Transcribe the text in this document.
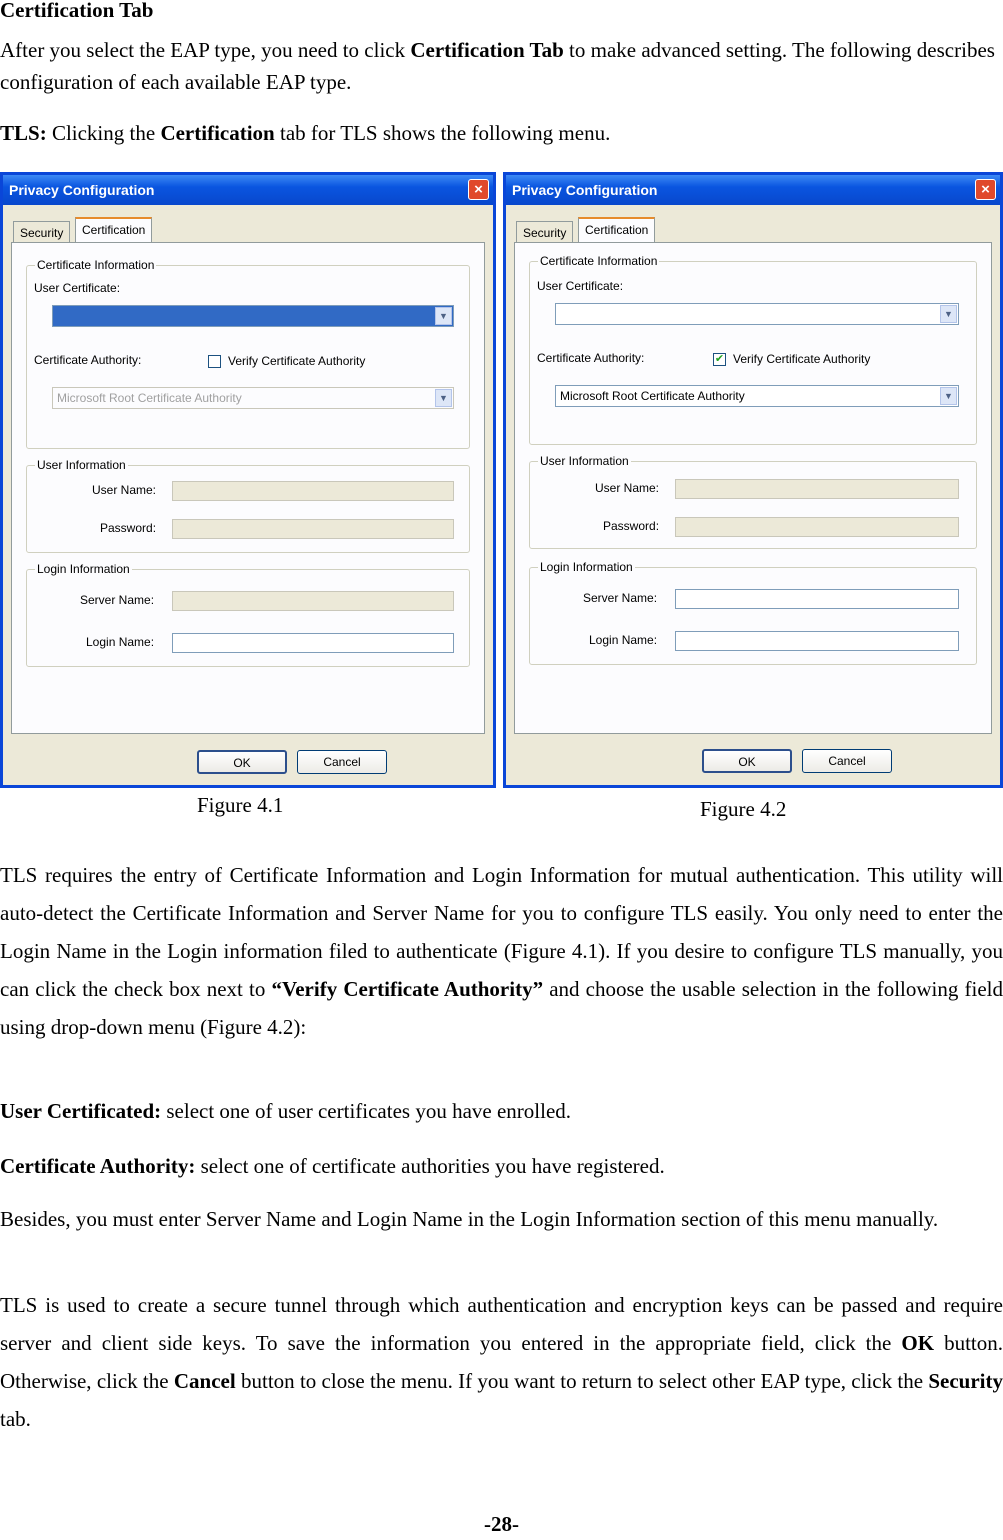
Certification Tab
After you select the EAP type, you need to click Certification Tab to make advanced setting. The following describes configuration of each available EAP type.
TLS: Clicking the Certification tab for TLS shows the following menu.
Privacy Configuration	×
Security	Certification
Certificate Information
User Certificate:
▼
Certificate Authority:	Verify Certificate Authority
Microsoft Root Certificate Authority	▼
User Information
User Name:
Password:
Login Information
Server Name:
Login Name:
OK	Cancel
Privacy Configuration	×
Security	Certification
Certificate Information
User Certificate:
▼
Certificate Authority:	✔ Verify Certificate Authority
Microsoft Root Certificate Authority	▼
User Information
User Name:
Password:
Login Information
Server Name:
Login Name:
OK	Cancel
Figure 4.1	Figure 4.2
TLS requires the entry of Certificate Information and Login Information for mutual authentication. This utility will auto-detect the Certificate Information and Server Name for you to configure TLS easily. You only need to enter the Login Name in the Login information filed to authenticate (Figure 4.1). If you desire to configure TLS manually, you can click the check box next to “Verify Certificate Authority” and choose the usable selection in the following field using drop-down menu (Figure 4.2):
User Certificated: select one of user certificates you have enrolled.
Certificate Authority: select one of certificate authorities you have registered.
Besides, you must enter Server Name and Login Name in the Login Information section of this menu manually.
TLS is used to create a secure tunnel through which authentication and encryption keys can be passed and require server and client side keys. To save the information you entered in the appropriate field, click the OK button. Otherwise, click the Cancel button to close the menu. If you want to return to select other EAP type, click the Security tab.
-28-
